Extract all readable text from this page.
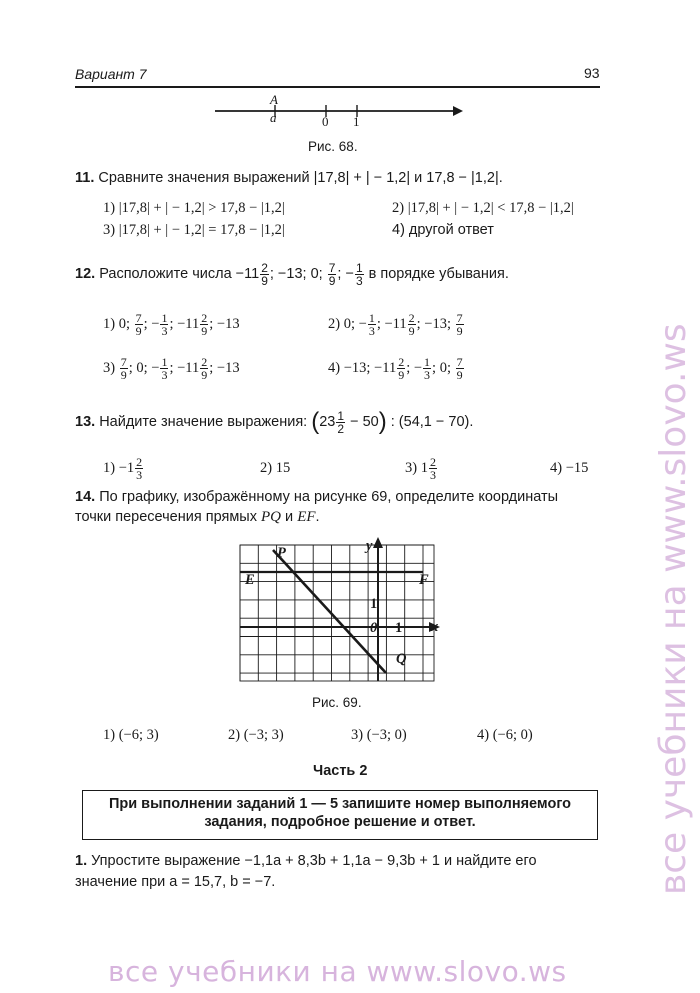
Вариант 7	93
A
a	0 1
Рис. 68.
11. Сравните значения выражений |17,8| + | − 1,2| и 17,8 − |1,2|.
1) |17,8| + | − 1,2| > 17,8 − |1,2|	2) |17,8| + | − 1,2| < 17,8 − |1,2|
3) |17,8| + | − 1,2| = 17,8 − |1,2|	4) другой ответ
12. Расположите числа $-11 \frac{2}{9}$ ; −13; 0; $\frac{7}{9}$ ; − $\frac{1}{3}$ в порядке убывания.
1) 0; $\frac{7}{9}$ ; − $\frac{1}{3}$ ; $-11 \frac{2}{9}$ ; −13	2) 0; − $\frac{1}{3}$ ; $-11 \frac{2}{9}$ ; −13; $\frac{7}{9}$
$3) \frac{7}{9}$ ; 0; − $\frac{1}{3}$ ; $-11 \frac{2}{9}$ ; −13	4) −13; $-11 \frac{2}{9}$ ; − $\frac{1}{3}$ ; 0; $\frac{7}{9}$
13. Найдите значение выражения: $(23 \frac{1}{2} - 50)$ : (54,1 − 70).
$1) -1 \frac{2}{3}$	2) 15	3) $1 \frac{2}{3}$	4) −15
14. По графику, изображённому на рисунке 69, определите координаты
точки пересечения прямых PQ и EF.
E	F
P
Q
y
x
0 1
1
Рис. 69.
1) (−6; 3)	2) (−3; 3)	3) (−3; 0)	4) (−6; 0)
Часть 2
При выполнении заданий 1 — 5 запишите номер выполняемого
задания, подробное решение и ответ.
1. Упростите выражение −1,1a + 8,3b + 1,1a − 9,3b + 1 и найдите его
значение при a = 15,7, b = −7.
все учебники на www.slovo.ws
все учебники на www.slovo.ws
